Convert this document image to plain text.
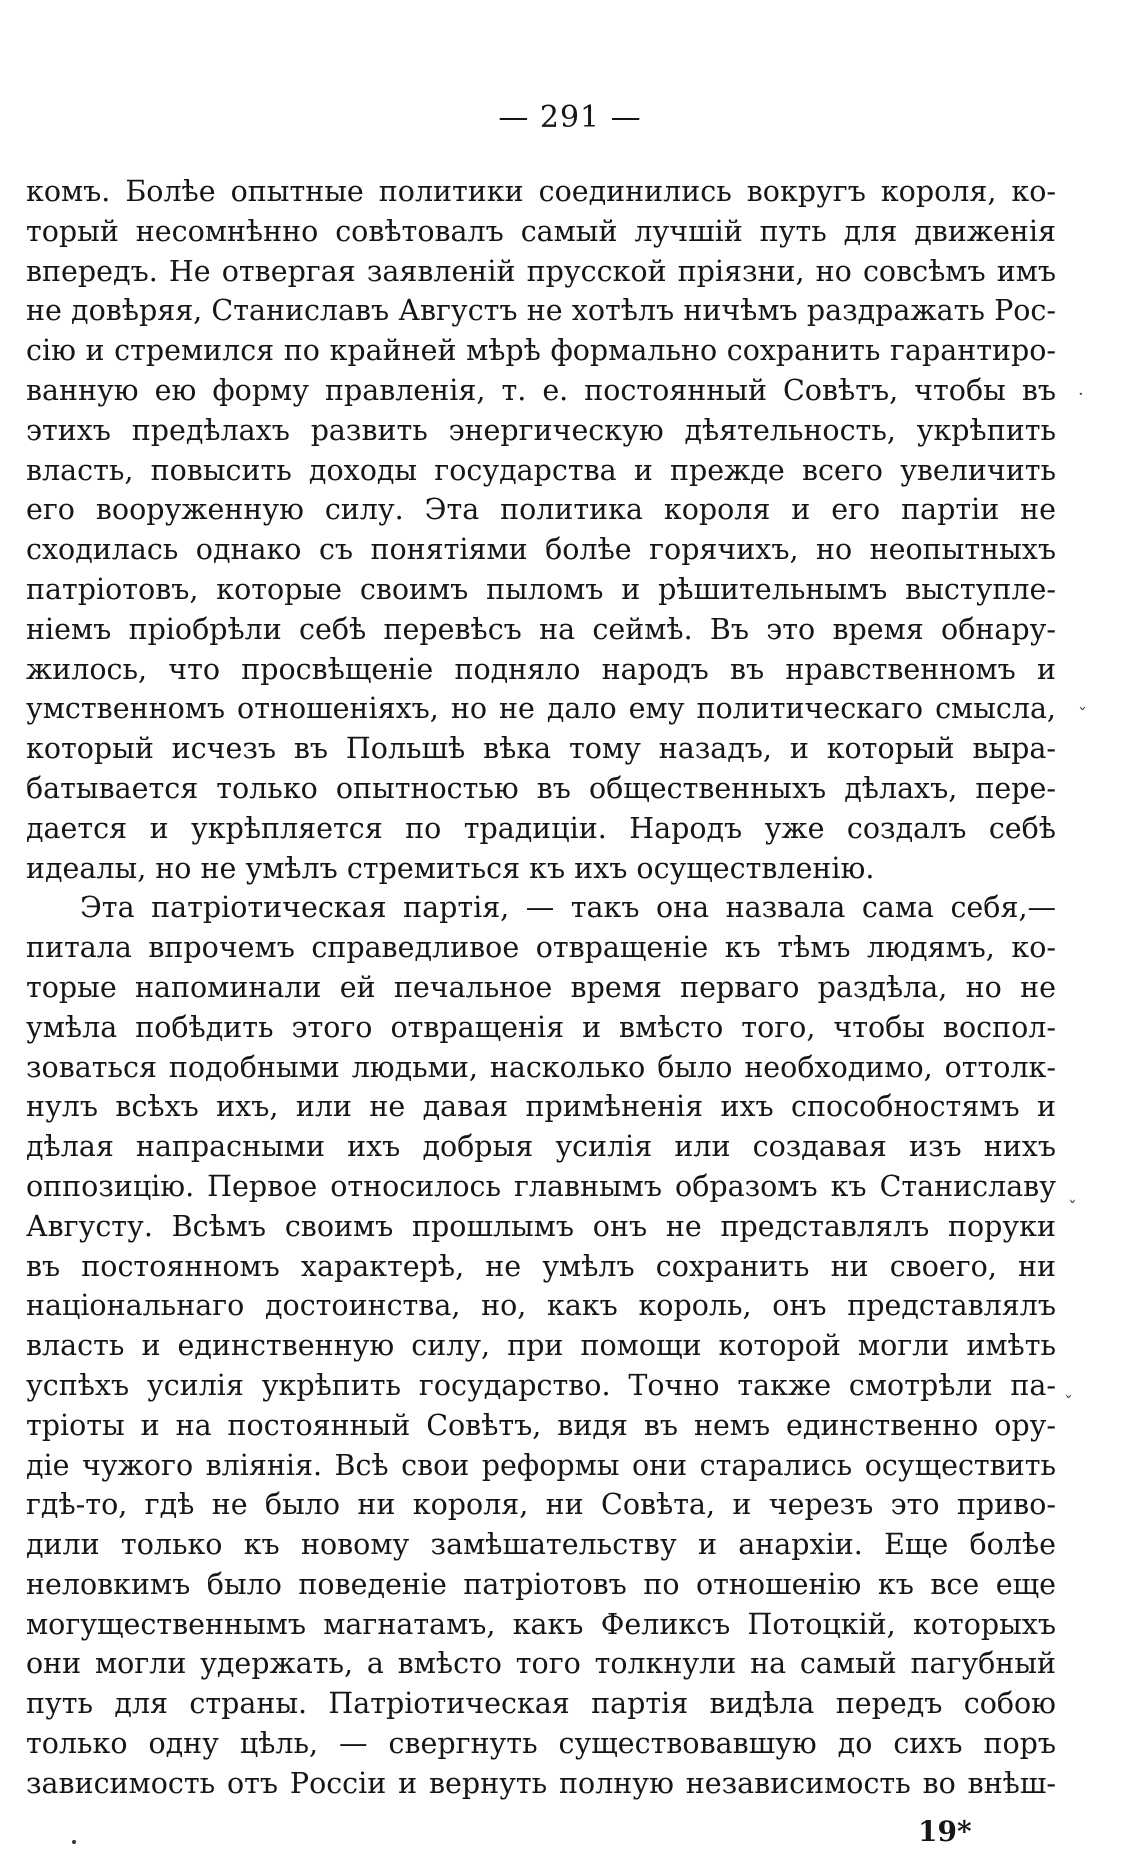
— 291 —
комъ. Болѣе опытные политики соединились вокругъ короля, ко-
торый несомнѣнно совѣтовалъ самый лучшій путь для движенія
впередъ. Не отвергая заявленій прусской пріязни, но совсѣмъ имъ
не довѣряя, Станиславъ Августъ не хотѣлъ ничѣмъ раздражать Рос-
сію и стремился по крайней мѣрѣ формально сохранить гарантиро-
ванную ею форму правленія, т. е. постоянный Совѣтъ, чтобы въ
этихъ предѣлахъ развить энергическую дѣятельность, укрѣпить
власть, повысить доходы государства и прежде всего увеличить
его вооруженную силу. Эта политика короля и его партіи не
сходилась однако съ понятіями болѣе горячихъ, но неопытныхъ
патріотовъ, которые своимъ пыломъ и рѣшительнымъ выступле-
ніемъ пріобрѣли себѣ перевѣсъ на сеймѣ. Въ это время обнару-
жилось, что просвѣщеніе подняло народъ въ нравственномъ и
умственномъ отношеніяхъ, но не дало ему политическаго смысла,
который исчезъ въ Польшѣ вѣка тому назадъ, и который выра-
батывается только опытностью въ общественныхъ дѣлахъ, пере-
дается и укрѣпляется по традиціи. Народъ уже создалъ себѣ
идеалы, но не умѣлъ стремиться къ ихъ осуществленію.
Эта патріотическая партія, — такъ она назвала сама себя,—
питала впрочемъ справедливое отвращеніе къ тѣмъ людямъ, ко-
торые напоминали ей печальное время перваго раздѣла, но не
умѣла побѣдить этого отвращенія и вмѣсто того, чтобы воспол-
зоваться подобными людьми, насколько было необходимо, оттолк-
нулъ всѣхъ ихъ, или не давая примѣненія ихъ способностямъ и
дѣлая напрасными ихъ добрыя усилія или создавая изъ нихъ
оппозицію. Первое относилось главнымъ образомъ къ Станиславу
Августу. Всѣмъ своимъ прошлымъ онъ не представлялъ поруки
въ постоянномъ характерѣ, не умѣлъ сохранить ни своего, ни
національнаго достоинства, но, какъ король, онъ представлялъ
власть и единственную силу, при помощи которой могли имѣть
успѣхъ усилія укрѣпить государство. Точно также смотрѣли па-
тріоты и на постоянный Совѣтъ, видя въ немъ единственно ору-
діе чужого вліянія. Всѣ свои реформы они старались осуществить
гдѣ-то, гдѣ не было ни короля, ни Совѣта, и черезъ это приво-
дили только къ новому замѣшательству и анархіи. Еще болѣе
неловкимъ было поведеніе патріотовъ по отношенію къ все еще
могущественнымъ магнатамъ, какъ Феликсъ Потоцкій, которыхъ
они могли удержать, а вмѣсто того толкнули на самый пагубный
путь для страны. Патріотическая партія видѣла передъ собою
только одну цѣль, — свергнуть существовавшую до сихъ поръ
зависимость отъ Россіи и вернуть полную независимость во внѣш-
·
ˇ
ˇ
ˇ
19*
